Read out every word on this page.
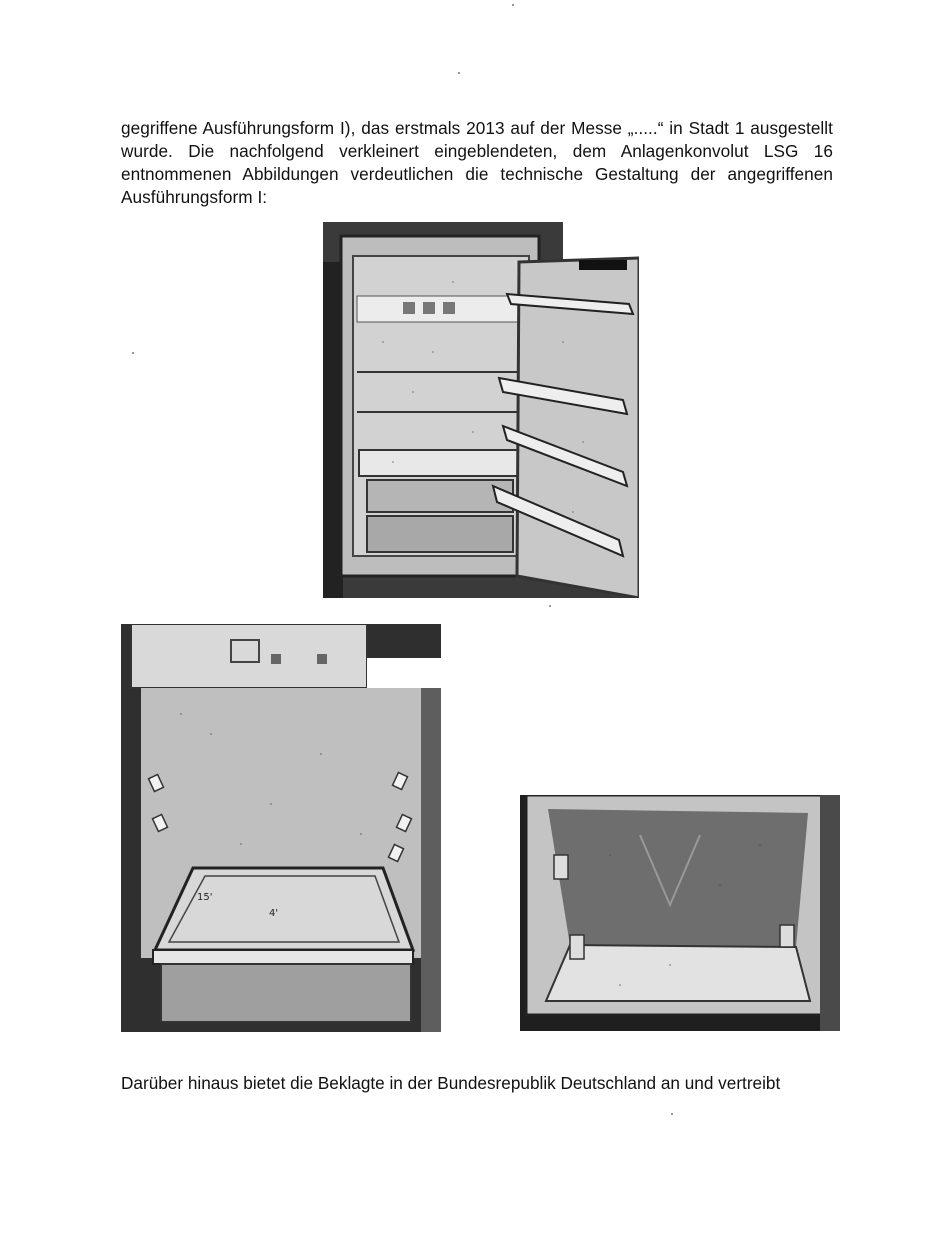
gegriffene Ausführungsform I), das erstmals 2013 auf der Messe „.....“ in Stadt 1 ausgestellt wurde. Die nachfolgend verkleinert eingeblendeten, dem Anlagenkonvolut LSG 16 entnommenen Abbildungen verdeutlichen die technische Gestaltung der angegriffenen Ausführungsform I:

15'
4'

Darüber hinaus bietet die Beklagte in der Bundesrepublik Deutschland an und vertreibt
